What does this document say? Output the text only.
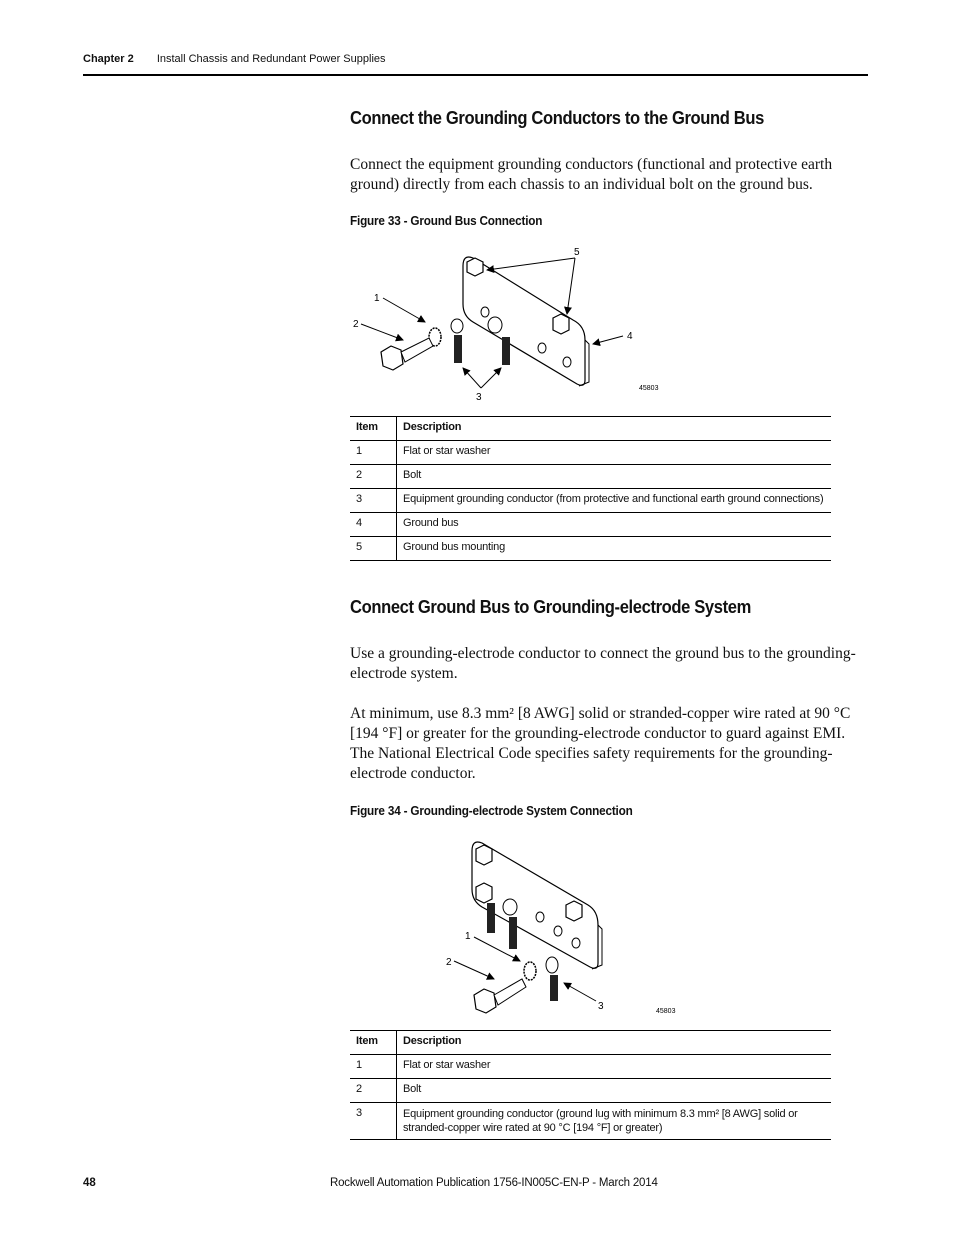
Chapter 2 Install Chassis and Redundant Power Supplies
Connect the Grounding Conductors to the Ground Bus

Connect the equipment grounding conductors (functional and protective earth ground) directly from each chassis to an individual bolt on the ground bus.

Figure 33 - Ground Bus Connection
1
2
3
4
5
45803
Item	Description
1	Flat or star washer
2	Bolt
3	Equipment grounding conductor (from protective and functional earth ground connections)
4	Ground bus
5	Ground bus mounting
Connect Ground Bus to Grounding-electrode System

Use a grounding-electrode conductor to connect the ground bus to the grounding-electrode system.

At minimum, use 8.3 mm² [8 AWG] solid or stranded-copper wire rated at 90 °C [194 °F] or greater for the grounding-electrode conductor to guard against EMI. The National Electrical Code specifies safety requirements for the grounding-electrode conductor.

Figure 34 - Grounding-electrode System Connection
1
2
3	45803
Item	Description
1	Flat or star washer
2	Bolt
3	Equipment grounding conductor (ground lug with minimum 8.3 mm² [8 AWG] solid or stranded-copper wire rated at 90 °C [194 °F] or greater)
48	Rockwell Automation Publication 1756-IN005C-EN-P - March 2014
